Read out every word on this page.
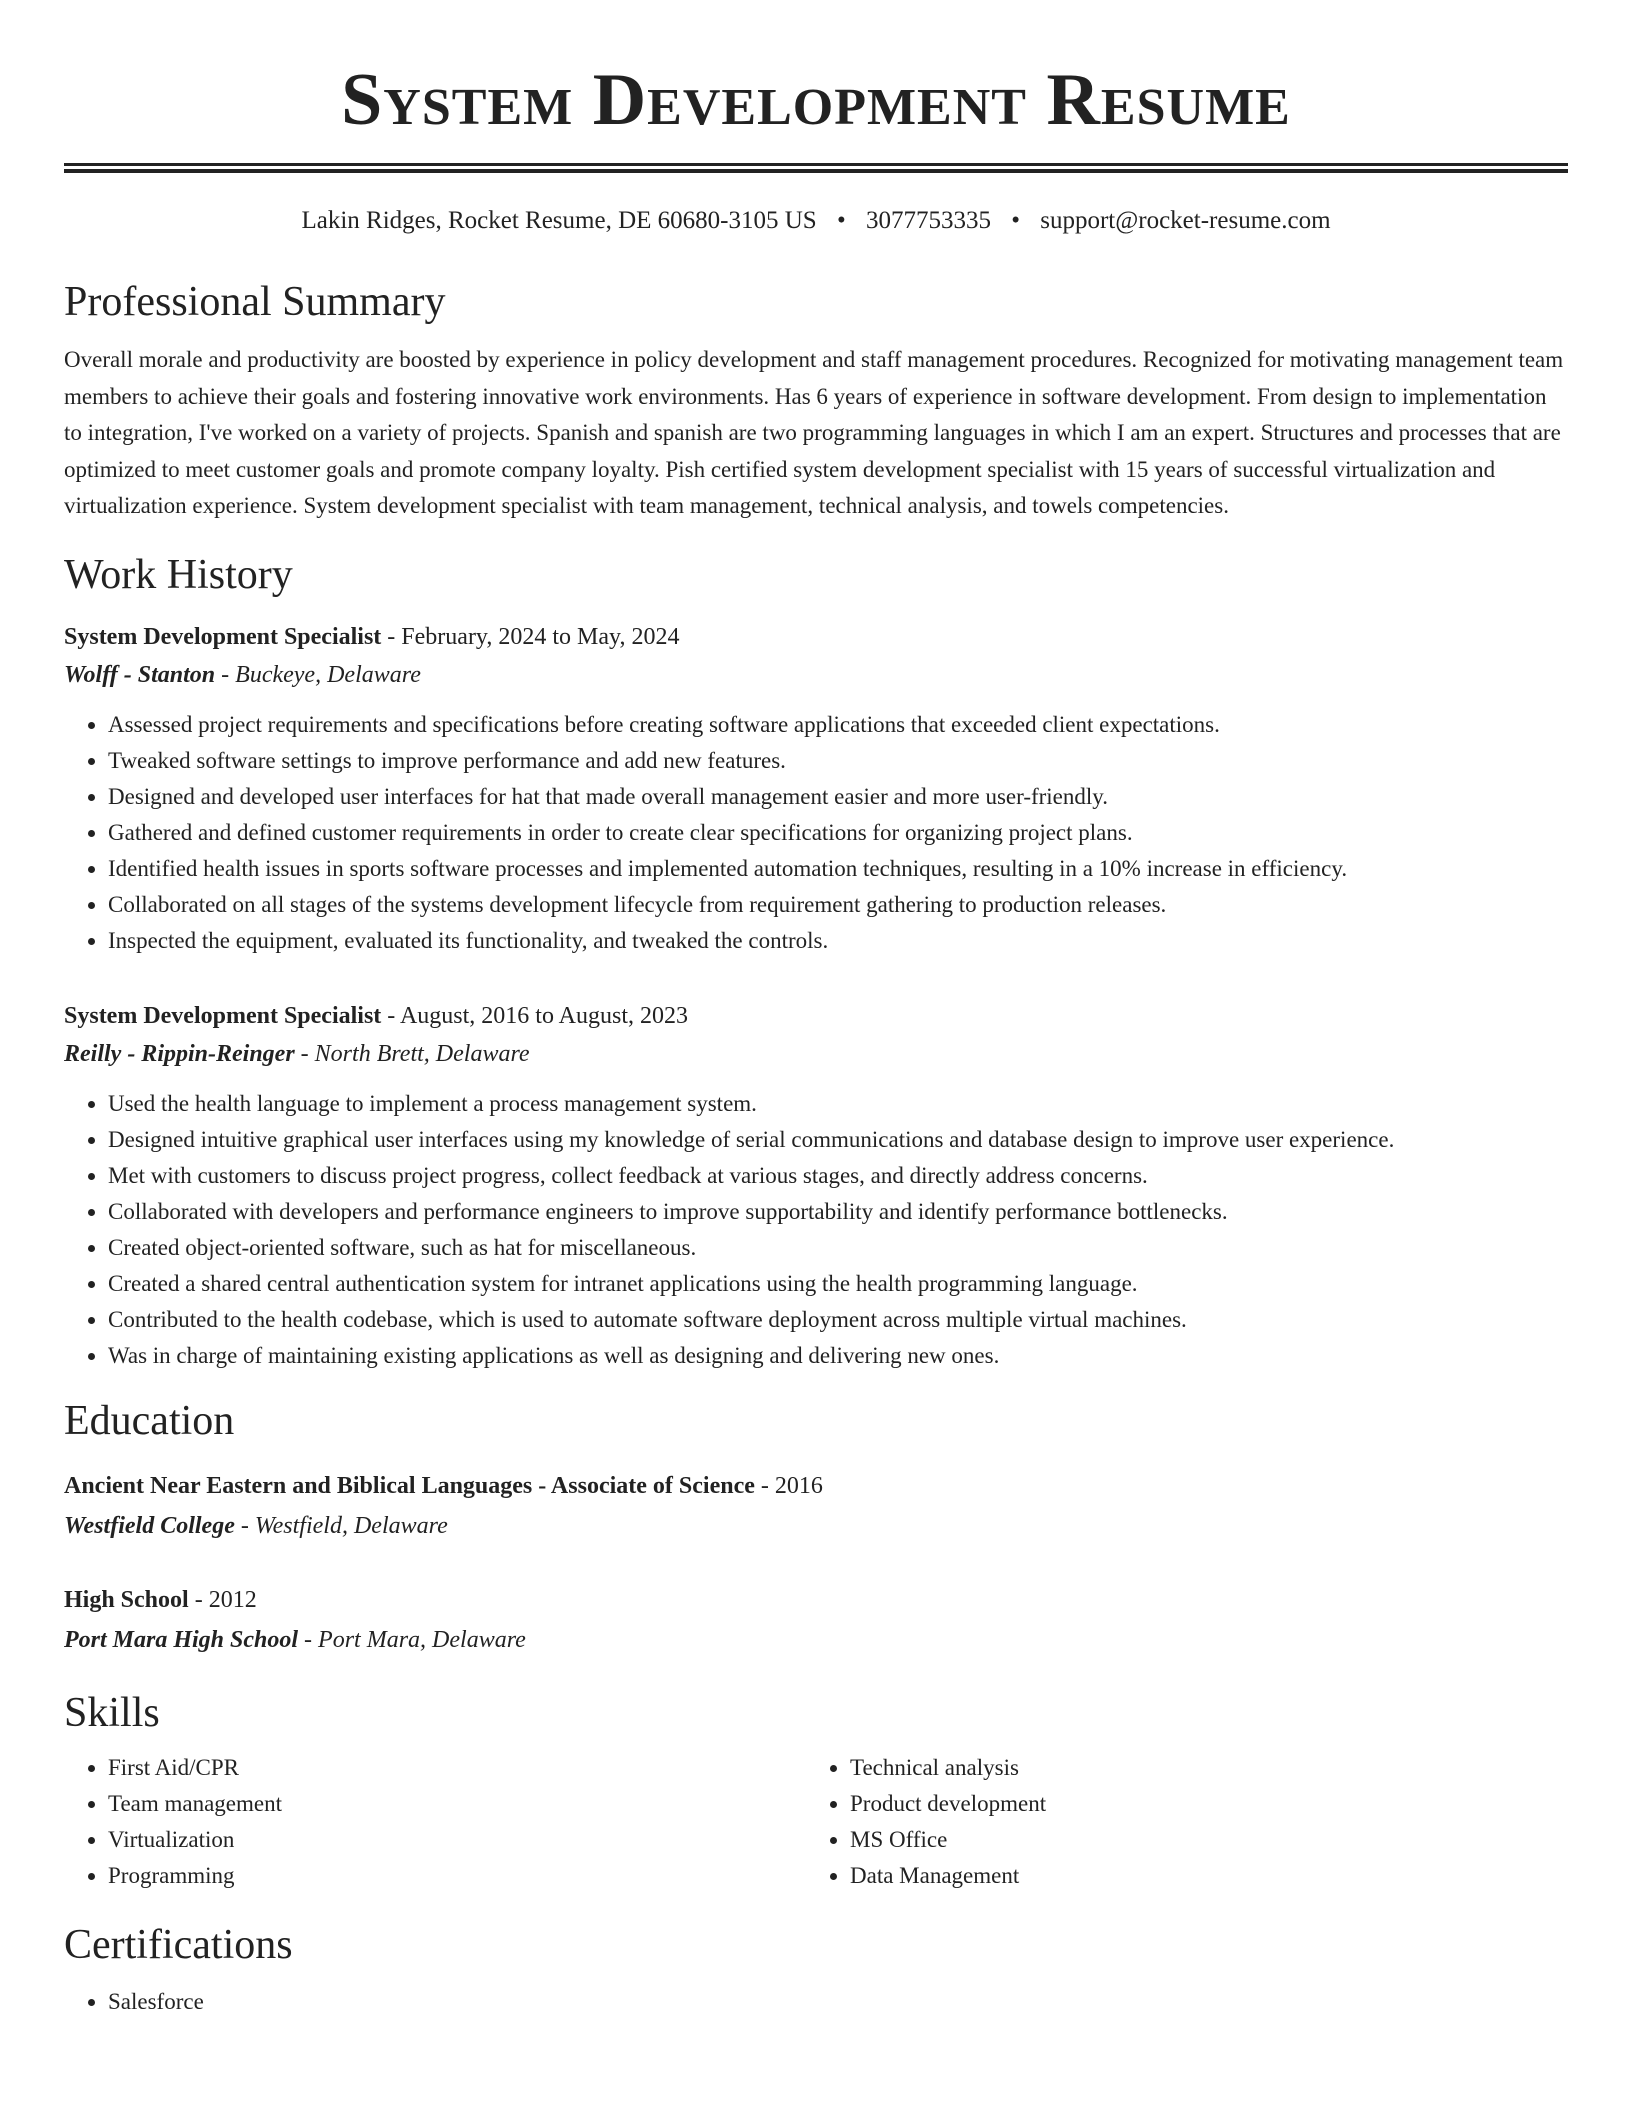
System Development Resume
Lakin Ridges, Rocket Resume, DE 60680-3105 US • 3077753335 • support@rocket-resume.com
Professional Summary

Overall morale and productivity are boosted by experience in policy development and staff management procedures. Recognized for motivating management team members to achieve their goals and fostering innovative work environments. Has 6 years of experience in software development. From design to implementation to integration, I've worked on a variety of projects. Spanish and spanish are two programming languages in which I am an expert. Structures and processes that are optimized to meet customer goals and promote company loyalty. Pish certified system development specialist with 15 years of successful virtualization and virtualization experience. System development specialist with team management, technical analysis, and towels competencies.

Work History
System Development Specialist - February, 2024 to May, 2024
Wolff - Stanton - Buckeye, Delaware
• Assessed project requirements and specifications before creating software applications that exceeded client expectations.
• Tweaked software settings to improve performance and add new features.
• Designed and developed user interfaces for hat that made overall management easier and more user-friendly.
• Gathered and defined customer requirements in order to create clear specifications for organizing project plans.
• Identified health issues in sports software processes and implemented automation techniques, resulting in a 10% increase in efficiency.
• Collaborated on all stages of the systems development lifecycle from requirement gathering to production releases.
• Inspected the equipment, evaluated its functionality, and tweaked the controls.
System Development Specialist - August, 2016 to August, 2023
Reilly - Rippin-Reinger - North Brett, Delaware
• Used the health language to implement a process management system.
• Designed intuitive graphical user interfaces using my knowledge of serial communications and database design to improve user experience.
• Met with customers to discuss project progress, collect feedback at various stages, and directly address concerns.
• Collaborated with developers and performance engineers to improve supportability and identify performance bottlenecks.
• Created object-oriented software, such as hat for miscellaneous.
• Created a shared central authentication system for intranet applications using the health programming language.
• Contributed to the health codebase, which is used to automate software deployment across multiple virtual machines.
• Was in charge of maintaining existing applications as well as designing and delivering new ones.
Education
Ancient Near Eastern and Biblical Languages - Associate of Science - 2016
Westfield College - Westfield, Delaware
High School - 2012
Port Mara High School - Port Mara, Delaware
Skills
• First Aid/CPR
• Team management
• Virtualization
• Programming
• Technical analysis
• Product development
• MS Office
• Data Management
Certifications
• Salesforce
